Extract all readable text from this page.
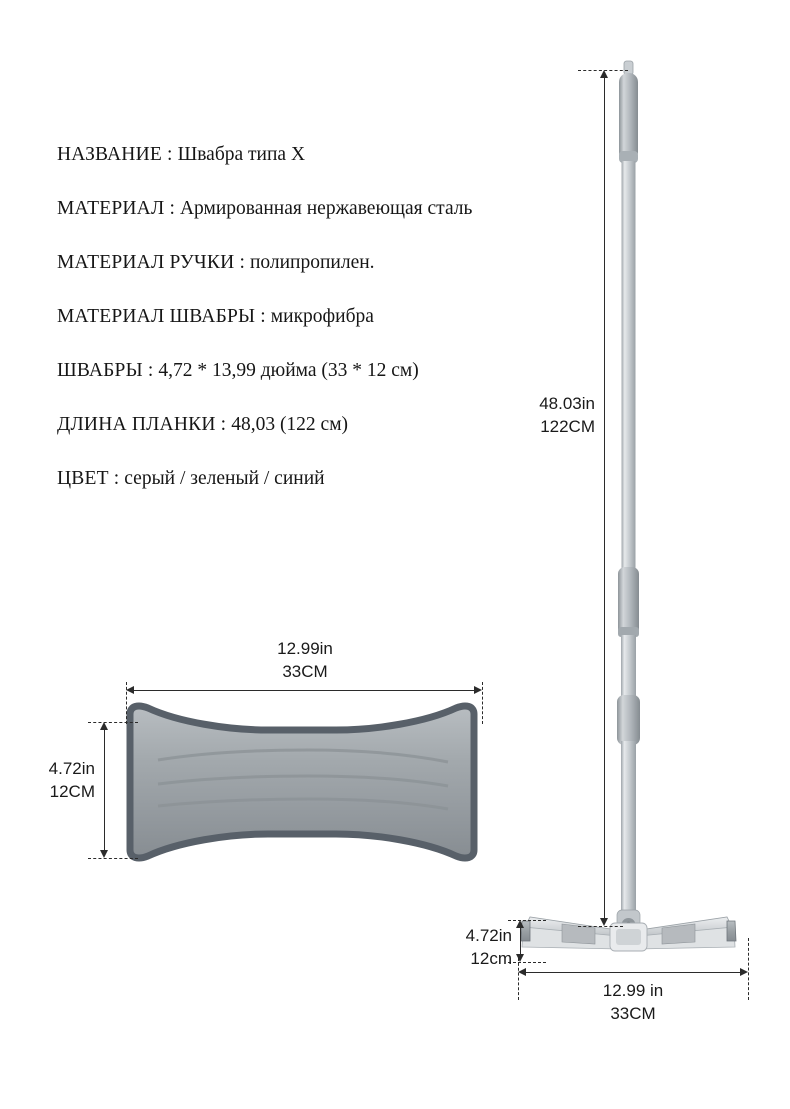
НАЗВАНИЕ : Швабра типа X
МАТЕРИАЛ : Армированная нержавеющая сталь
МАТЕРИАЛ РУЧКИ : полипропилен.
МАТЕРИАЛ ШВАБРЫ : микрофибра
ШВАБРЫ : 4,72 * 13,99 дюйма (33 * 12 см)
ДЛИНА ПЛАНКИ : 48,03 (122 см)
ЦВЕТ : серый / зеленый / синий
48.03in
122CM
12.99in
33CM
4.72in
12CM
4.72in
12cm
12.99 in
33CM
